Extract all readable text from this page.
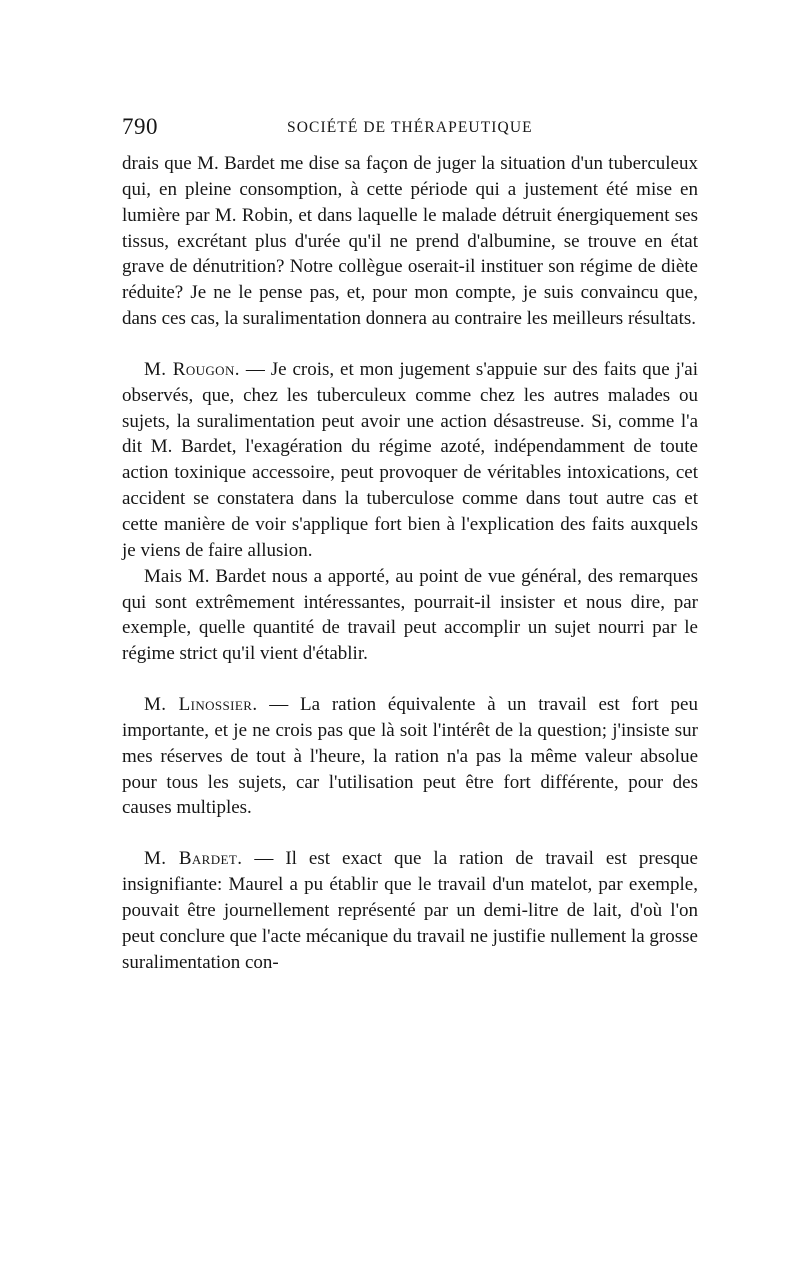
790	SOCIÉTÉ DE THÉRAPEUTIQUE

drais que M. Bardet me dise sa façon de juger la situation d'un tuberculeux qui, en pleine consomption, à cette période qui a justement été mise en lumière par M. Robin, et dans laquelle le malade détruit énergiquement ses tissus, excrétant plus d'urée qu'il ne prend d'albumine, se trouve en état grave de dénutrition? Notre collègue oserait-il instituer son régime de diète réduite? Je ne le pense pas, et, pour mon compte, je suis convaincu que, dans ces cas, la suralimentation donnera au contraire les meilleurs résultats.

M. Rougon. — Je crois, et mon jugement s'appuie sur des faits que j'ai observés, que, chez les tuberculeux comme chez les autres malades ou sujets, la suralimentation peut avoir une action désastreuse. Si, comme l'a dit M. Bardet, l'exagération du régime azoté, indépendamment de toute action toxinique accessoire, peut provoquer de véritables intoxications, cet accident se constatera dans la tuberculose comme dans tout autre cas et cette manière de voir s'applique fort bien à l'explication des faits auxquels je viens de faire allusion.

Mais M. Bardet nous a apporté, au point de vue général, des remarques qui sont extrêmement intéressantes, pourrait-il insister et nous dire, par exemple, quelle quantité de travail peut accomplir un sujet nourri par le régime strict qu'il vient d'établir.

M. Linossier. — La ration équivalente à un travail est fort peu importante, et je ne crois pas que là soit l'intérêt de la question; j'insiste sur mes réserves de tout à l'heure, la ration n'a pas la même valeur absolue pour tous les sujets, car l'utilisation peut être fort différente, pour des causes multiples.

M. Bardet. — Il est exact que la ration de travail est presque insignifiante: Maurel a pu établir que le travail d'un matelot, par exemple, pouvait être journellement représenté par un demi-litre de lait, d'où l'on peut conclure que l'acte mécanique du travail ne justifie nullement la grosse suralimentation con-
